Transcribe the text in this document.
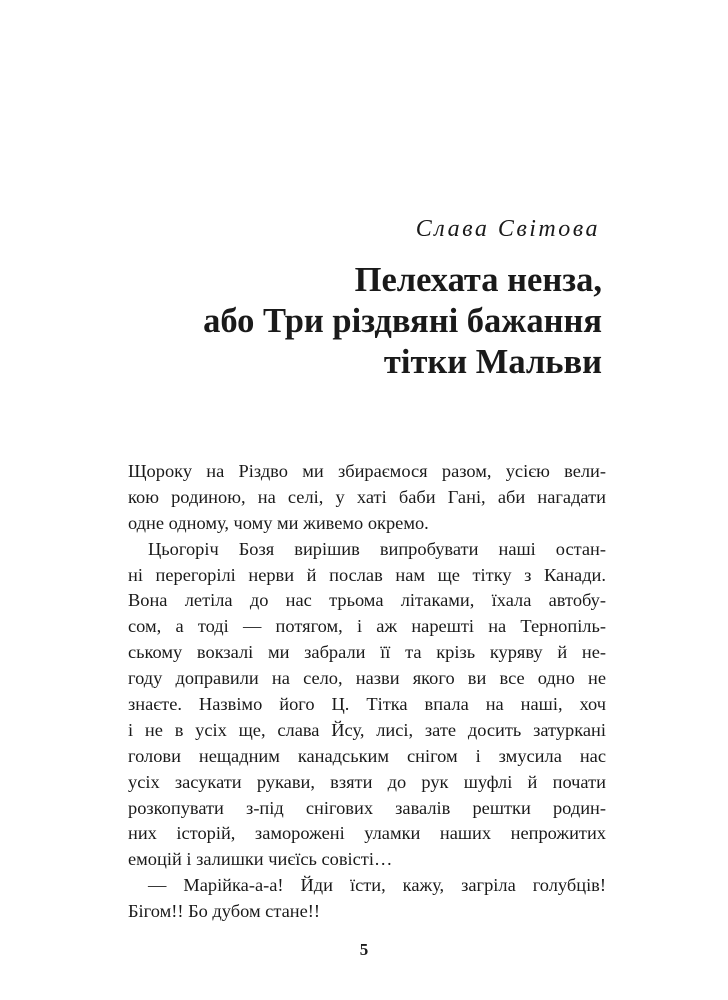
Слава Світова
Пелехата ненза,
або Три різдвяні бажання
тітки Мальви
Щороку на Різдво ми збираємося разом, усією вели-
кою родиною, на селі, у хаті баби Гані, аби нагадати
одне одному, чому ми живемо окремо.
Цьогоріч Бозя вирішив випробувати наші остан-
ні перегорілі нерви й послав нам ще тітку з Канади.
Вона летіла до нас трьома літаками, їхала автобу-
сом, а тоді — потягом, і аж нарешті на Тернопіль-
ському вокзалі ми забрали її та крізь куряву й не-
году доправили на село, назви якого ви все одно не
знаєте. Назвімо його Ц. Тітка впала на наші, хоч
і не в усіх ще, слава Йсу, лисі, зате досить затуркані
голови нещадним канадським снігом і змусила нас
усіх засукати рукави, взяти до рук шуфлі й почати
розкопувати з-під снігових завалів рештки родин-
них історій, заморожені уламки наших непрожитих
емоцій і залишки чиєїсь совісті…
— Марійка-а-а! Йди їсти, кажу, загріла голубців!
Бігом!! Бо дубом стане!!
5
